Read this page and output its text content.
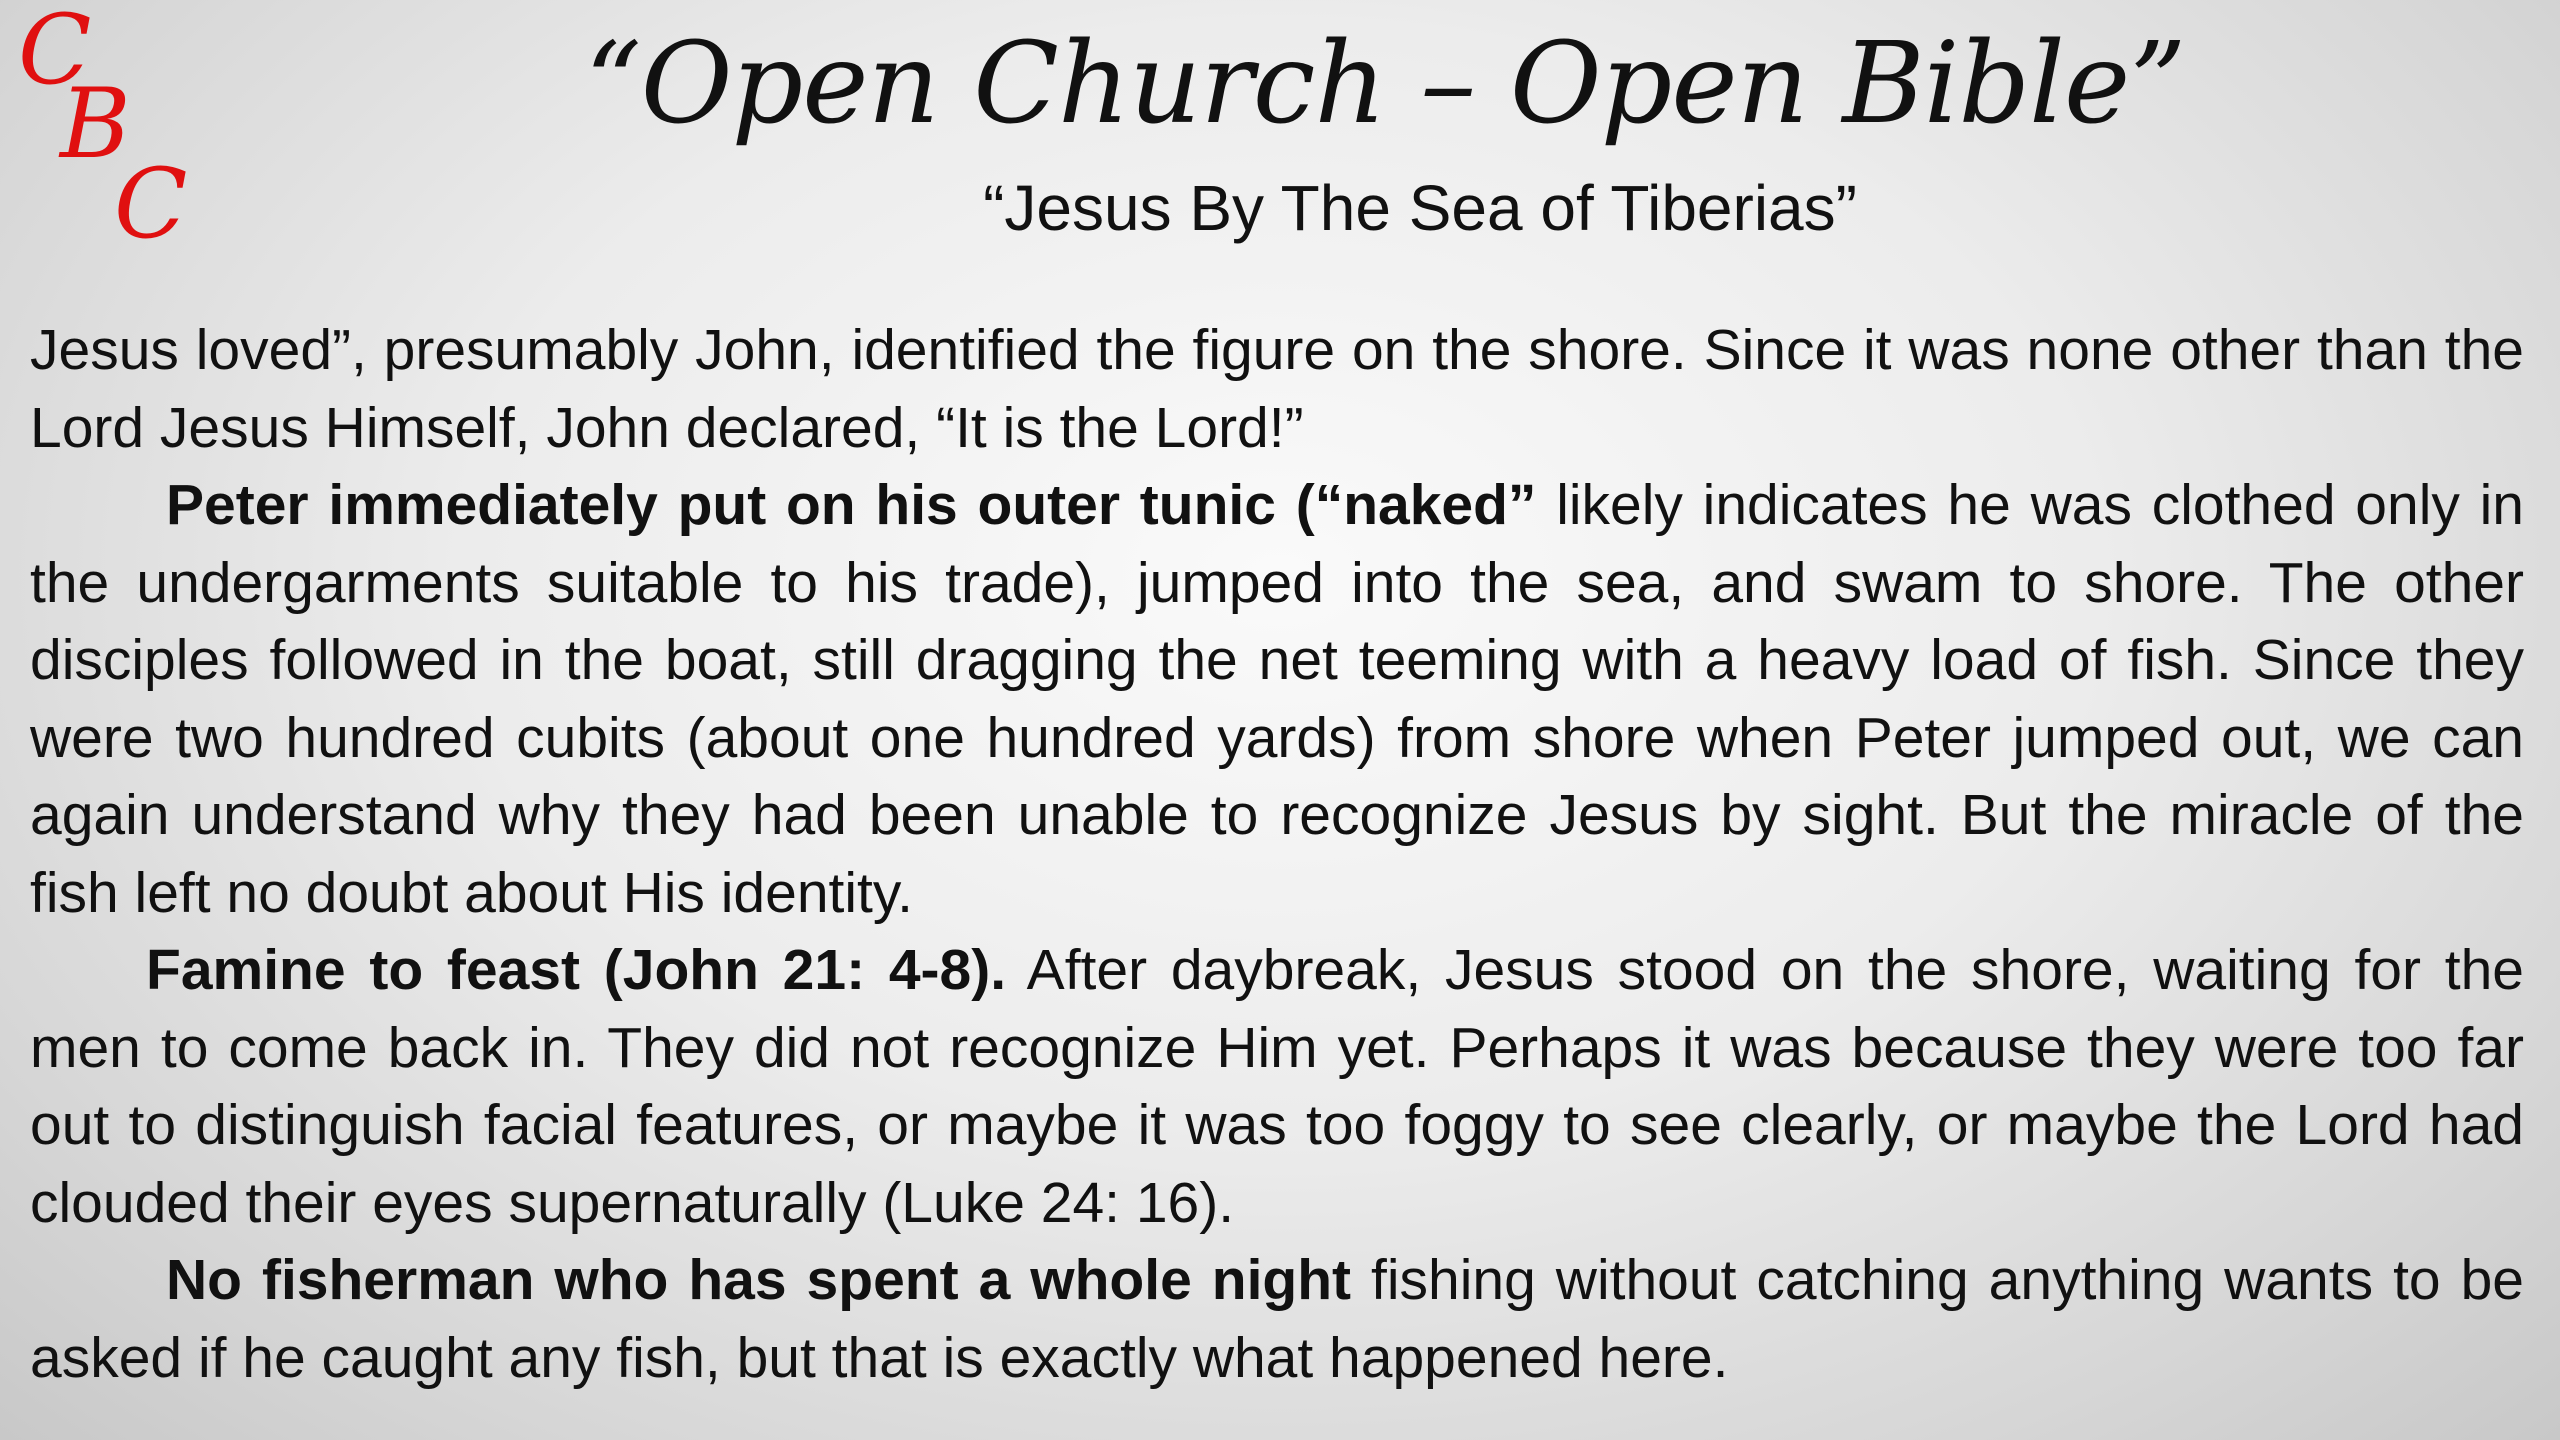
C
B
C
“Open Church – Open Bible”
“Jesus By The Sea of Tiberias”

Jesus loved”, presumably John, identified the figure on the shore. Since it was none other than the Lord Jesus Himself, John declared, “It is the Lord!”

Peter immediately put on his outer tunic (“naked” likely indicates he was clothed only in the undergarments suitable to his trade), jumped into the sea, and swam to shore. The other disciples followed in the boat, still dragging the net teeming with a heavy load of fish. Since they were two hundred cubits (about one hundred yards) from shore when Peter jumped out, we can again understand why they had been unable to recognize Jesus by sight. But the miracle of the fish left no doubt about His identity.

Famine to feast (John 21: 4-8). After daybreak, Jesus stood on the shore, waiting for the men to come back in. They did not recognize Him yet. Perhaps it was because they were too far out to distinguish facial features, or maybe it was too foggy to see clearly, or maybe the Lord had clouded their eyes supernaturally (Luke 24: 16).

No fisherman who has spent a whole night fishing without catching anything wants to be asked if he caught any fish, but that is exactly what happened here.
